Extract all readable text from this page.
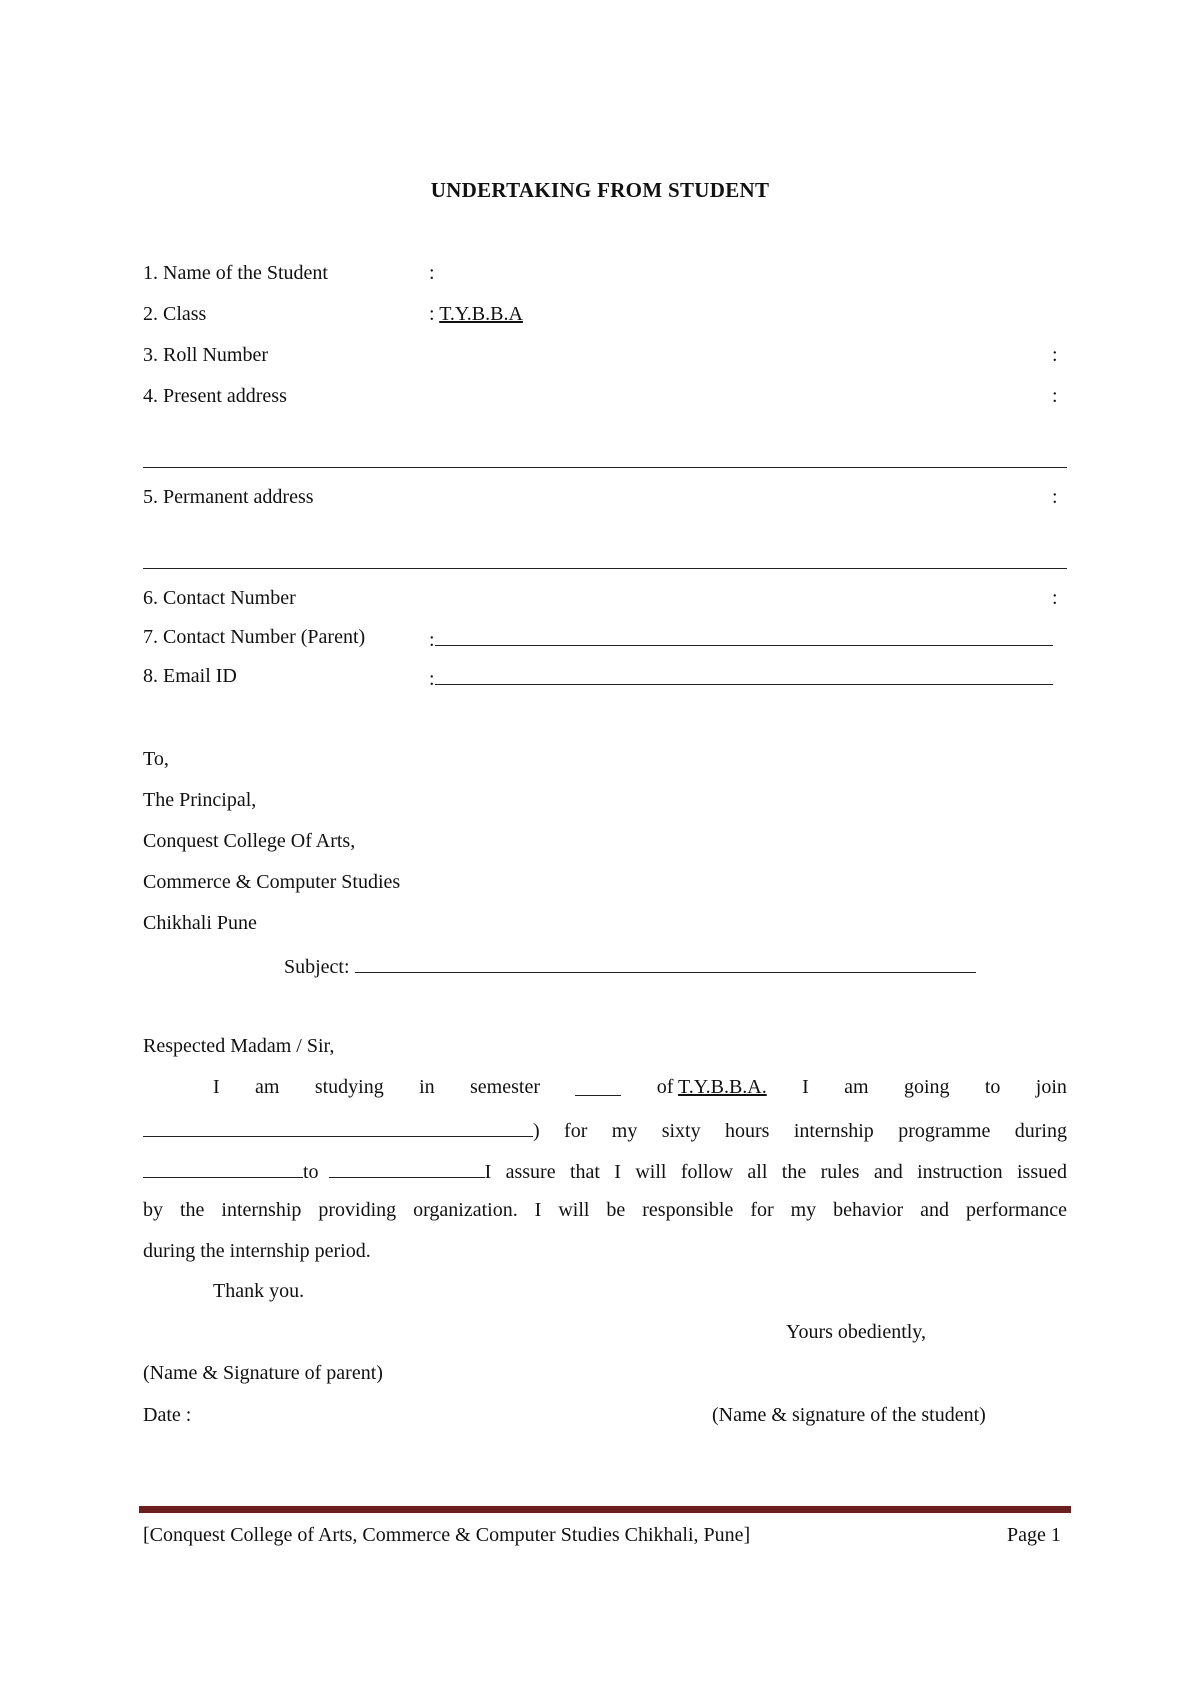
UNDERTAKING FROM STUDENT
1. Name of the Student	:
2. Class	: T.Y.B.B.A
3. Roll Number	:
4. Present address	:
5. Permanent address	:
6. Contact Number	:
7. Contact Number (Parent)	:
8. Email ID	:
To,
The Principal,
Conquest College Of Arts,
Commerce & Computer Studies
Chikhali Pune
Subject:
Respected Madam / Sir,
I am studying in semester	of T.Y.B.B.A. I am going to join
) for my sixty hours internship programme during
to	I assure that I will follow all the rules and instruction issued
by the internship providing organization. I will be responsible for my behavior and performance
during the internship period.
Thank you.
Yours obediently,
(Name & Signature of parent)
Date :	(Name & signature of the student)
[Conquest College of Arts, Commerce & Computer Studies Chikhali, Pune]	Page 1
